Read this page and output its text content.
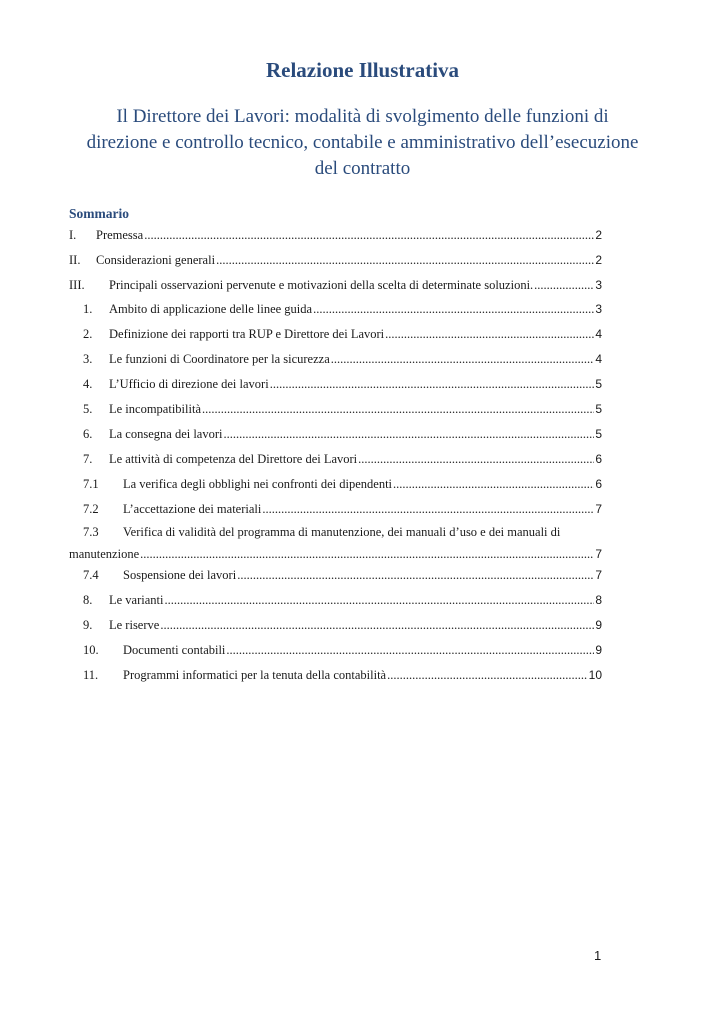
Relazione Illustrativa
Il Direttore dei Lavori: modalità di svolgimento delle funzioni di direzione e controllo tecnico, contabile e amministrativo dell’esecuzione del contratto
Sommario
I.	Premessa .....	2
II.	Considerazioni generali .....	2
III.	Principali osservazioni pervenute e motivazioni della scelta di determinate soluzioni. .....	3
1.	Ambito di applicazione delle linee guida .....	3
2.	Definizione dei rapporti tra RUP e Direttore dei Lavori .....	4
3.	Le funzioni di Coordinatore per la sicurezza .....	4
4.	L’Ufficio di direzione dei lavori .....	5
5.	Le incompatibilità .....	5
6.	La consegna dei lavori .....	5
7.	Le attività di competenza del Direttore dei Lavori .....	6
7.1	La verifica degli obblighi nei confronti dei dipendenti .....	6
7.2	L’accettazione dei materiali .....	7
7.3 Verifica di validità del programma di manutenzione, dei manuali d’uso e dei manuali di
manutenzione .....	7
7.4	Sospensione dei lavori .....	7
8.	Le varianti .....	8
9.	Le riserve .....	9
10.	Documenti contabili .....	9
11.	Programmi informatici per la tenuta della contabilità .....	10
1
